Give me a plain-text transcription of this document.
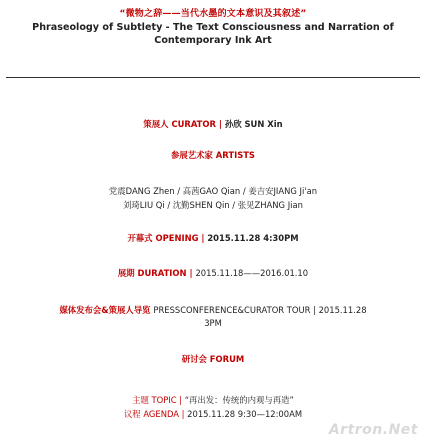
“微物之辞——当代水墨的文本意识及其叙述”
Phraseology of Subtlety - The Text Consciousness and Narration of
Contemporary Ink Art
策展人 CURATOR | 孙欣 SUN Xin
参展艺术家 ARTISTS
党震DANG Zhen / 高茜GAO Qian / 姜吉安JIANG Ji'an
刘琦LIU Qi / 沈勤SHEN Qin / 张见ZHANG Jian
开幕式 OPENING | 2015.11.28 4:30PM
展期 DURATION | 2015.11.18——2016.01.10
媒体发布会&策展人导览 PRESSCONFERENCE&CURATOR TOUR | 2015.11.28
3PM
研讨会 FORUM
主题 TOPIC | “再出发：传统的内观与再造”
议程 AGENDA | 2015.11.28 9:30—12:00AM
Artron.Net
